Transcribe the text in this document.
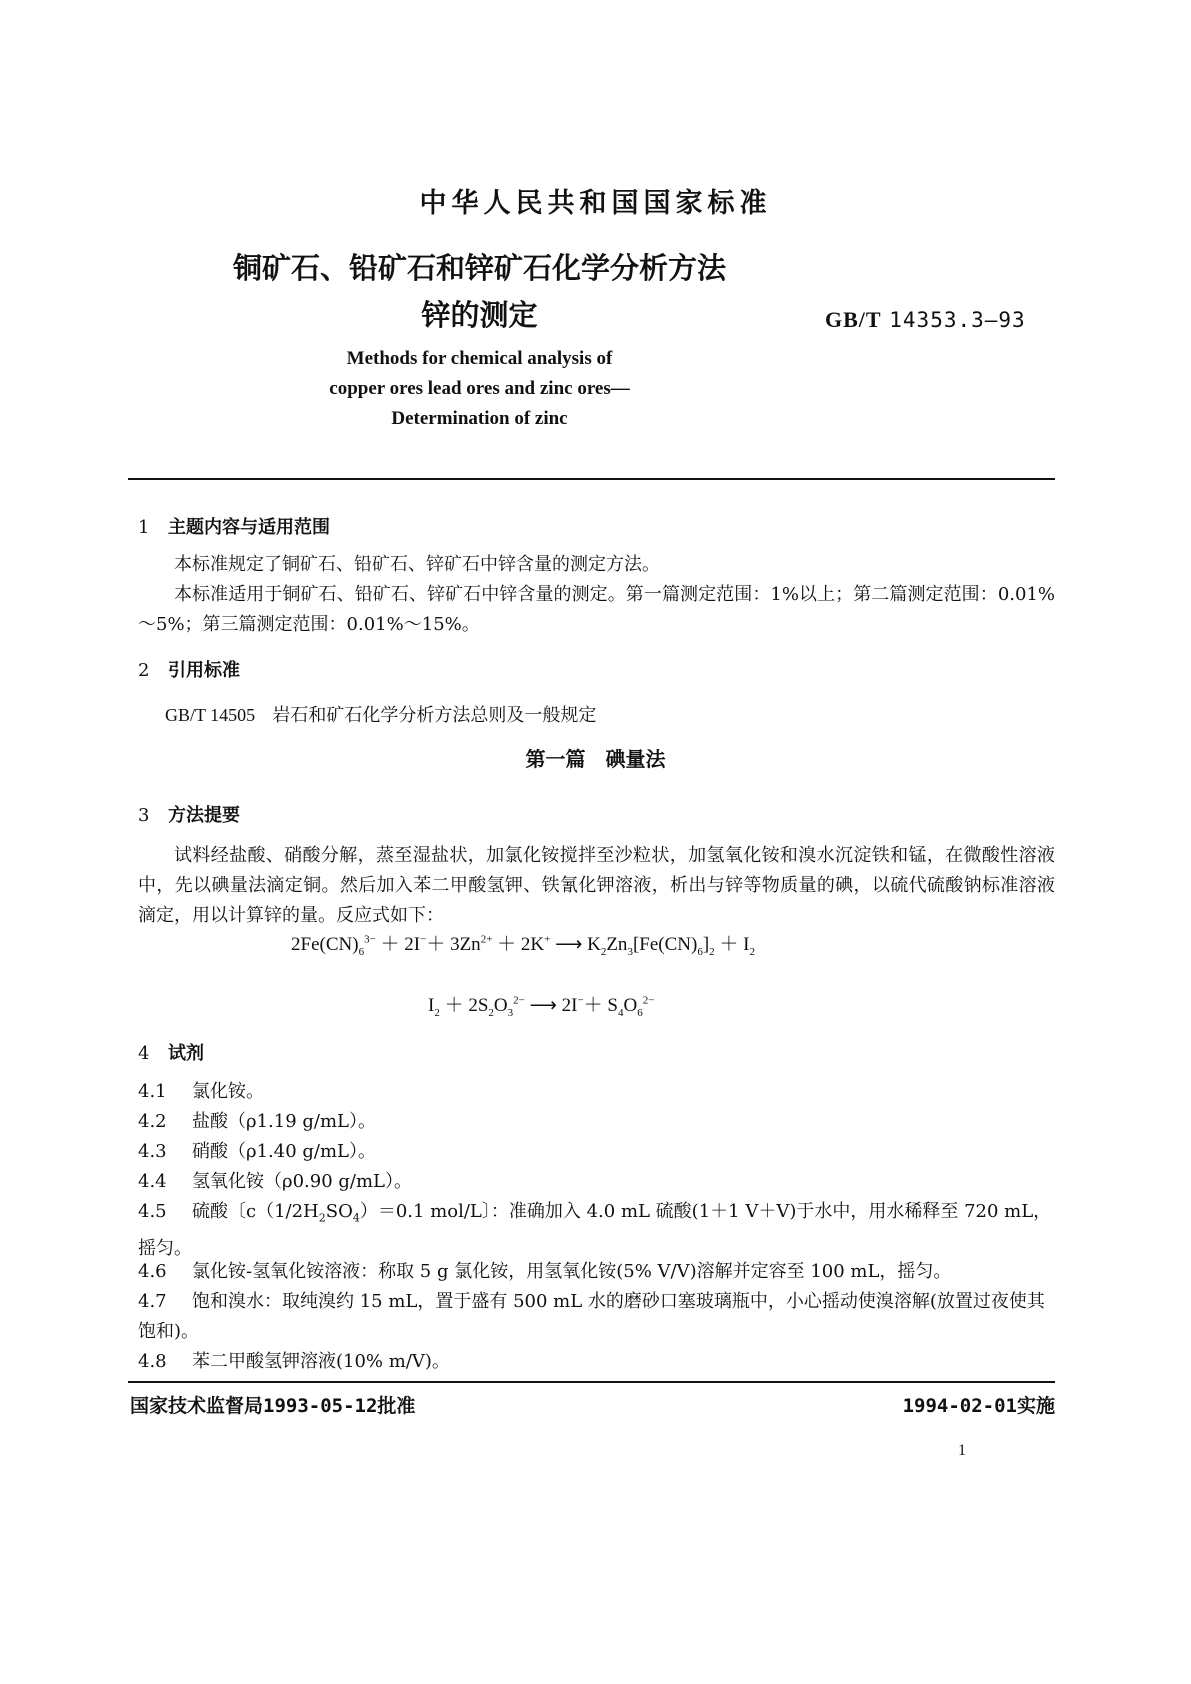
中华人民共和国国家标准
铜矿石、铅矿石和锌矿石化学分析方法
锌的测定	GB/T 14353.3—93
Methods for chemical analysis of
copper ores lead ores and zinc ores—
Determination of zinc
1 主题内容与适用范围
本标准规定了铜矿石、铅矿石、锌矿石中锌含量的测定方法。
本标准适用于铜矿石、铅矿石、锌矿石中锌含量的测定。第一篇测定范围：1%以上；第二篇测定范围：0.01%～5%；第三篇测定范围：0.01%～15%。
2 引用标准
GB/T 14505 岩石和矿石化学分析方法总则及一般规定
第一篇　碘量法
3 方法提要
试料经盐酸、硝酸分解，蒸至湿盐状，加氯化铵搅拌至沙粒状，加氢氧化铵和溴水沉淀铁和锰，在微酸性溶液中，先以碘量法滴定铜。然后加入苯二甲酸氢钾、铁氰化钾溶液，析出与锌等物质量的碘，以硫代硫酸钠标准溶液滴定，用以计算锌的量。反应式如下：
$2Fe(CN)_6^{3-} + 2I^-+ 3Zn^{2+} + 2K^+$ ⟶ $K_2Zn_3[Fe(CN)_6]_2 + I_2$
$I_2 + 2S_2O_3^{2-}$ ⟶ $2I^-+ S_4O_6^{2-}$
4 试剂
4.1 氯化铵。
4.2 盐酸（ρ1.19 g/mL）。
4.3 硝酸（ρ1.40 g/mL）。
4.4 氢氧化铵（ρ0.90 g/mL）。
4.5 硫酸〔$c(1/2H_2SO_4)=0.1$ mol/L〕：准确加入 4.0 mL 硫酸(1＋1 V＋V)于水中，用水稀释至 720 mL，摇匀。
4.6 氯化铵-氢氧化铵溶液：称取 5 g 氯化铵，用氢氧化铵(5% V/V)溶解并定容至 100 mL，摇匀。
4.7 饱和溴水：取纯溴约 15 mL，置于盛有 500 mL 水的磨砂口塞玻璃瓶中，小心摇动使溴溶解(放置过夜使其饱和)。
4.8 苯二甲酸氢钾溶液(10% m/V)。
国家技术监督局1993-05-12批准	1994-02-01实施
1
